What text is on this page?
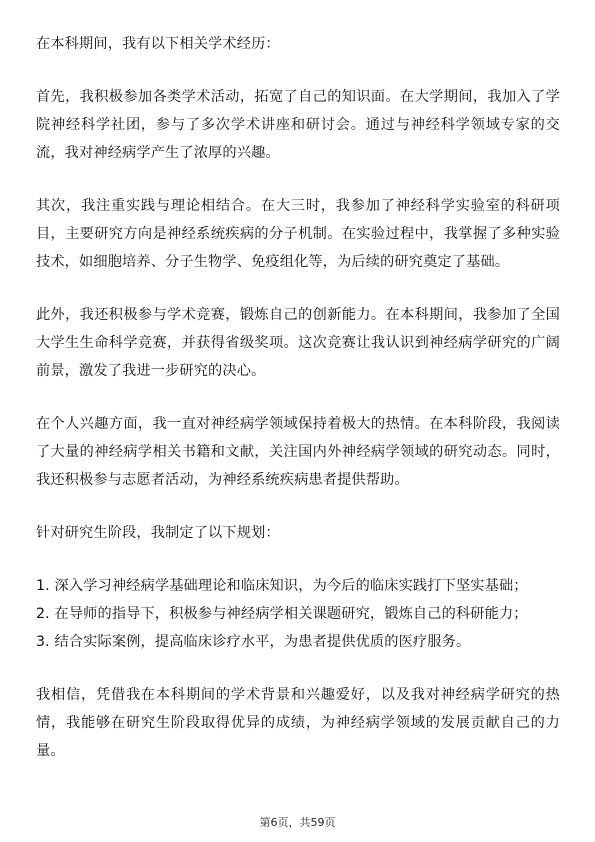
在本科期间，我有以下相关学术经历：

首先，我积极参加各类学术活动，拓宽了自己的知识面。在大学期间，我加入了学院神经科学社团，参与了多次学术讲座和研讨会。通过与神经科学领域专家的交流，我对神经病学产生了浓厚的兴趣。

其次，我注重实践与理论相结合。在大三时，我参加了神经科学实验室的科研项目，主要研究方向是神经系统疾病的分子机制。在实验过程中，我掌握了多种实验技术，如细胞培养、分子生物学、免疫组化等，为后续的研究奠定了基础。

此外，我还积极参与学术竞赛，锻炼自己的创新能力。在本科期间，我参加了全国大学生生命科学竞赛，并获得省级奖项。这次竞赛让我认识到神经病学研究的广阔前景，激发了我进一步研究的决心。

在个人兴趣方面，我一直对神经病学领域保持着极大的热情。在本科阶段，我阅读了大量的神经病学相关书籍和文献，关注国内外神经病学领域的研究动态。同时，我还积极参与志愿者活动，为神经系统疾病患者提供帮助。

针对研究生阶段，我制定了以下规划：

1. 深入学习神经病学基础理论和临床知识，为今后的临床实践打下坚实基础；
2. 在导师的指导下，积极参与神经病学相关课题研究，锻炼自己的科研能力；
3. 结合实际案例，提高临床诊疗水平，为患者提供优质的医疗服务。

我相信，凭借我在本科期间的学术背景和兴趣爱好，以及我对神经病学研究的热情，我能够在研究生阶段取得优异的成绩，为神经病学领域的发展贡献自己的力量。

第6页，共59页
